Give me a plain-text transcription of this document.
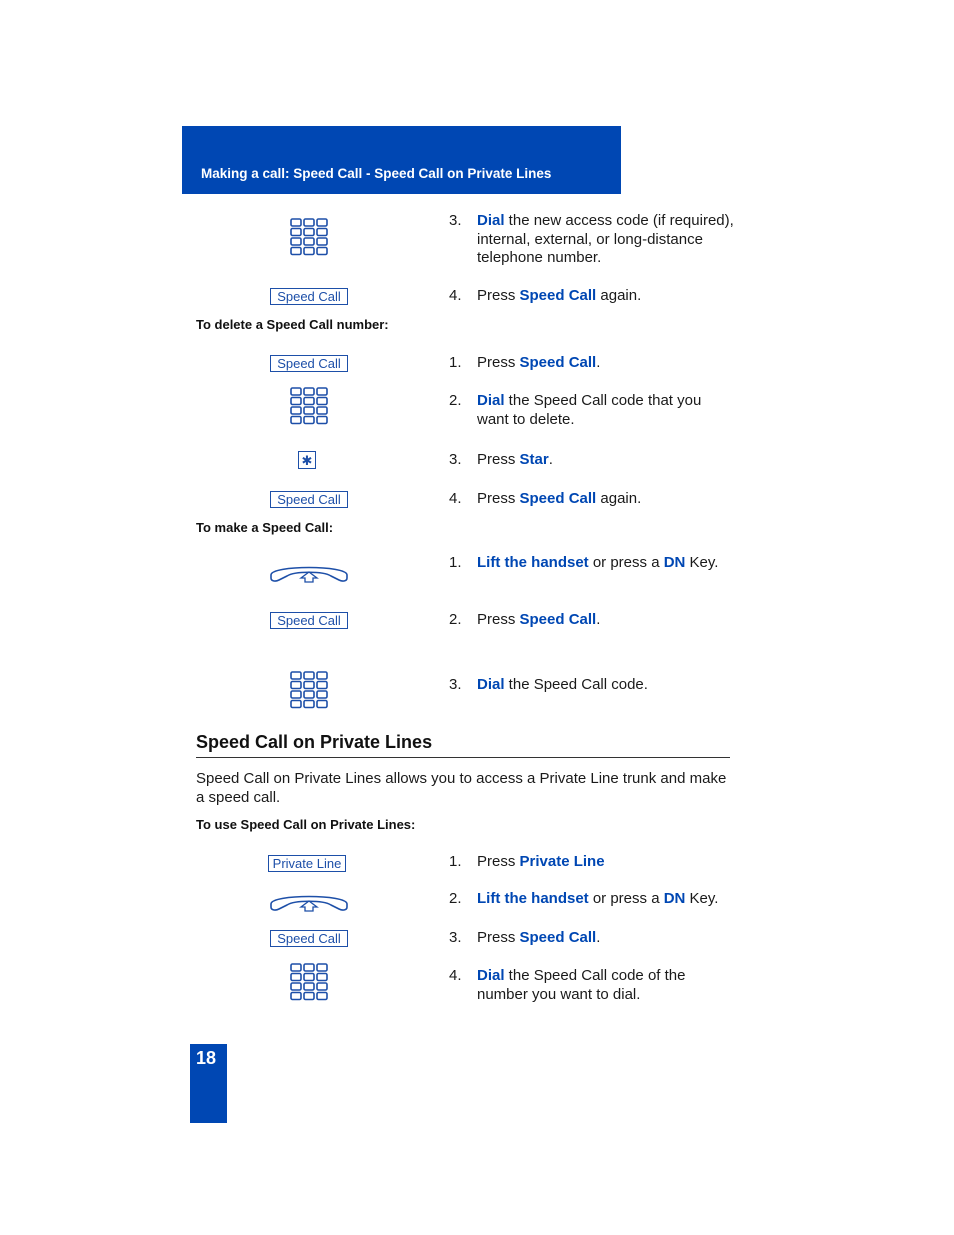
Making a call: Speed Call - Speed Call on Private Lines
3.	Dial the new access code (if required), internal, external, or long-distance telephone number.
Speed Call	4.	Press Speed Call again.
To delete a Speed Call number:
Speed Call	1.	Press Speed Call.
2.	Dial the Speed Call code that you want to delete.
✱	3.	Press Star.
Speed Call	4.	Press Speed Call again.
To make a Speed Call:
1.	Lift the handset or press a DN Key.
Speed Call	2.	Press Speed Call.
3.	Dial the Speed Call code.
Speed Call on Private Lines
Speed Call on Private Lines allows you to access a Private Line trunk and make a speed call.
To use Speed Call on Private Lines:
Private Line	1.	Press Private Line
2.	Lift the handset or press a DN Key.
Speed Call	3.	Press Speed Call.
4.	Dial the Speed Call code of the number you want to dial.
18
